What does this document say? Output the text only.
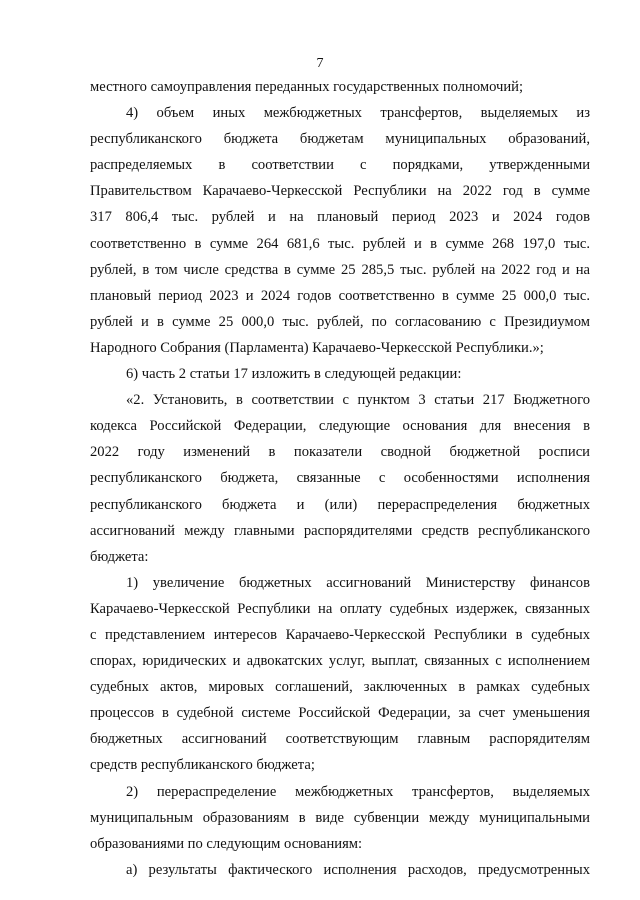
7
местного самоуправления переданных государственных полномочий;
4) объем иных межбюджетных трансфертов, выделяемых из
республиканского бюджета бюджетам муниципальных образований,
распределяемых в соответствии с порядками, утвержденными
Правительством Карачаево-Черкесской Республики на 2022 год в сумме
317 806,4 тыс. рублей и на плановый период 2023 и 2024 годов
соответственно в сумме 264 681,6 тыс. рублей и в сумме 268 197,0 тыс.
рублей, в том числе средства в сумме 25 285,5 тыс. рублей на 2022 год и на
плановый период 2023 и 2024 годов соответственно в сумме 25 000,0 тыс.
рублей и в сумме 25 000,0 тыс. рублей, по согласованию с Президиумом
Народного Собрания (Парламента) Карачаево-Черкесской Республики.»;
6) часть 2 статьи 17 изложить в следующей редакции:
«2. Установить, в соответствии с пунктом 3 статьи 217 Бюджетного
кодекса Российской Федерации, следующие основания для внесения в
2022 году изменений в показатели сводной бюджетной росписи
республиканского бюджета, связанные с особенностями исполнения
республиканского бюджета и (или) перераспределения бюджетных
ассигнований между главными распорядителями средств республиканского
бюджета:
1) увеличение бюджетных ассигнований Министерству финансов
Карачаево-Черкесской Республики на оплату судебных издержек, связанных
с представлением интересов Карачаево-Черкесской Республики в судебных
спорах, юридических и адвокатских услуг, выплат, связанных с исполнением
судебных актов, мировых соглашений, заключенных в рамках судебных
процессов в судебной системе Российской Федерации, за счет уменьшения
бюджетных ассигнований соответствующим главным распорядителям
средств республиканского бюджета;
2) перераспределение межбюджетных трансфертов, выделяемых
муниципальным образованиям в виде субвенции между муниципальными
образованиями по следующим основаниям:
а) результаты фактического исполнения расходов, предусмотренных
